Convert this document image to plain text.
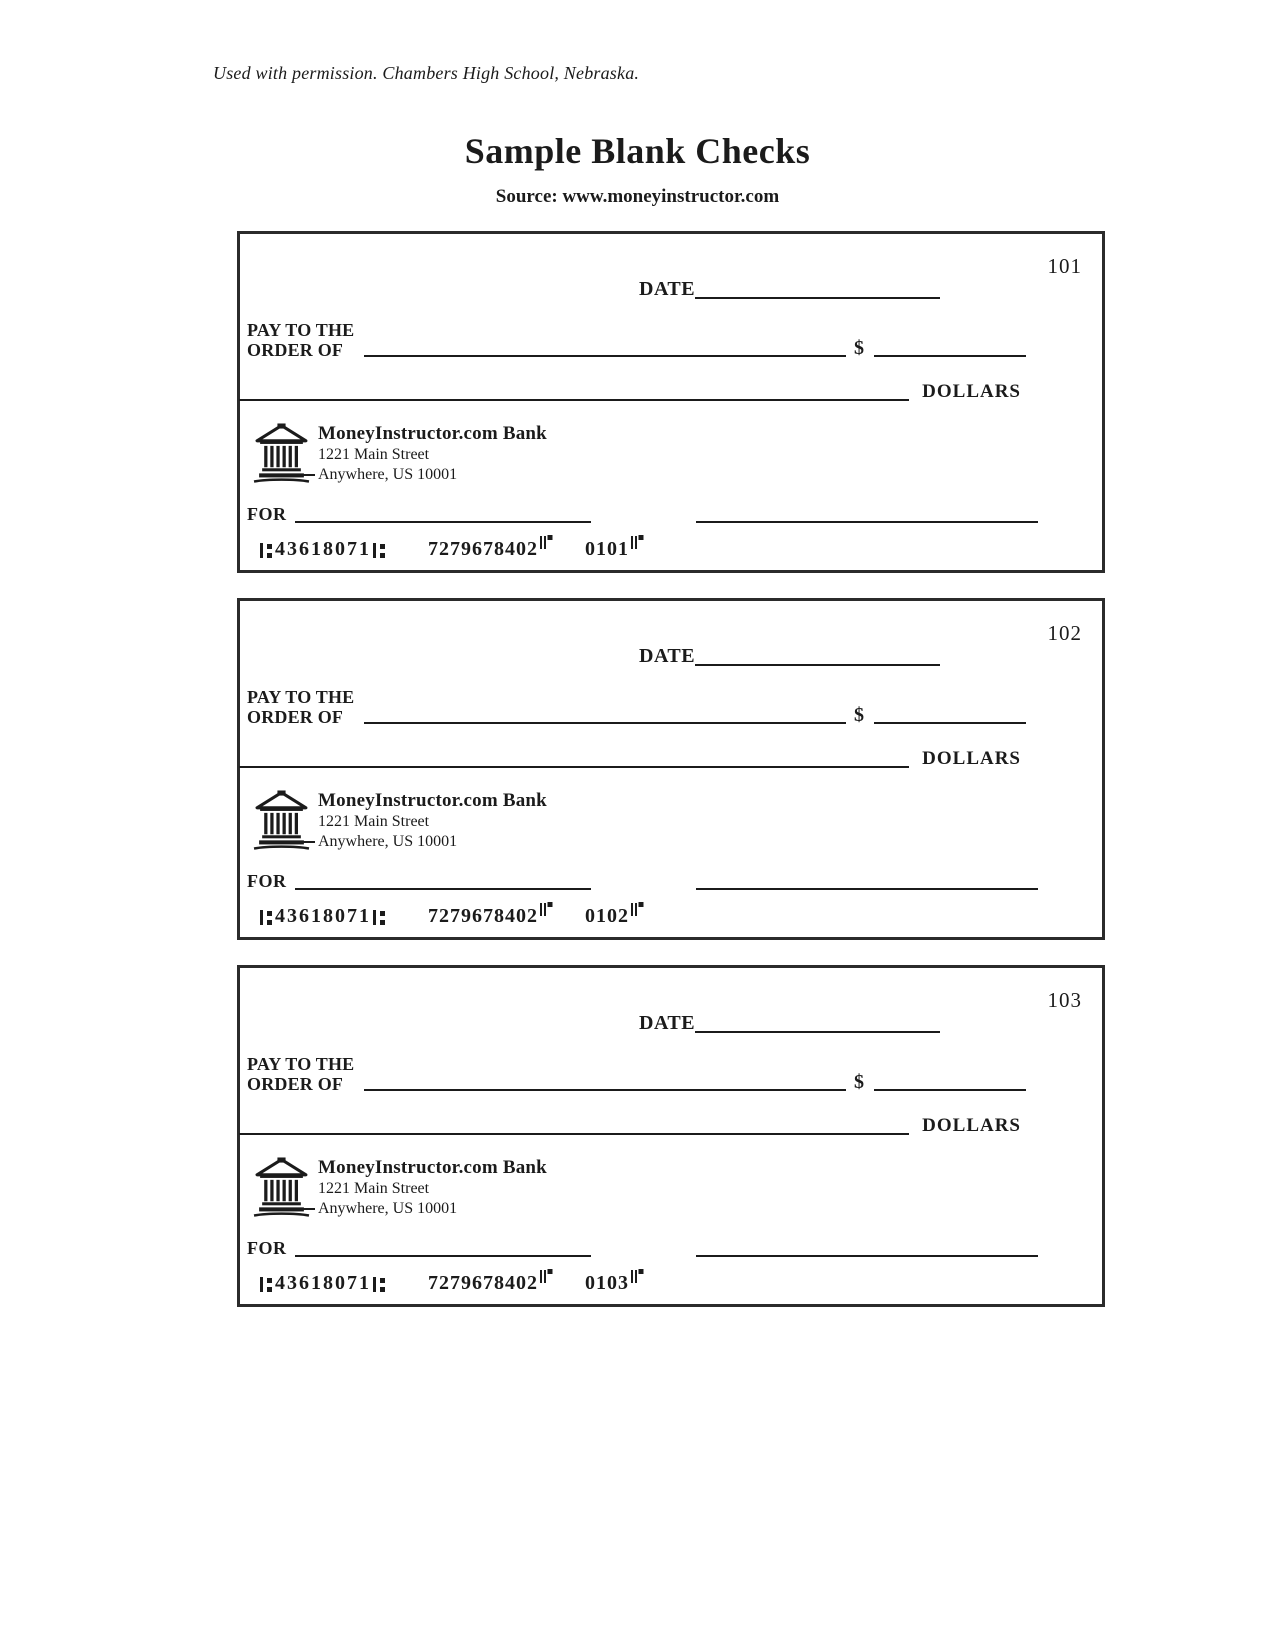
Used with permission. Chambers High School, Nebraska.
Sample Blank Checks
Source: www.moneyinstructor.com
101
DATE
PAY TO THE
ORDER OF	$
DOLLARS
MoneyInstructor.com Bank
1221 Main Street
Anywhere, US 10001
FOR
43618071	7279678402 0101
102
DATE
PAY TO THE
ORDER OF	$
DOLLARS
MoneyInstructor.com Bank
1221 Main Street
Anywhere, US 10001
FOR
43618071	7279678402 0102
103
DATE
PAY TO THE
ORDER OF	$
DOLLARS
MoneyInstructor.com Bank
1221 Main Street
Anywhere, US 10001
FOR
43618071	7279678402 0103
